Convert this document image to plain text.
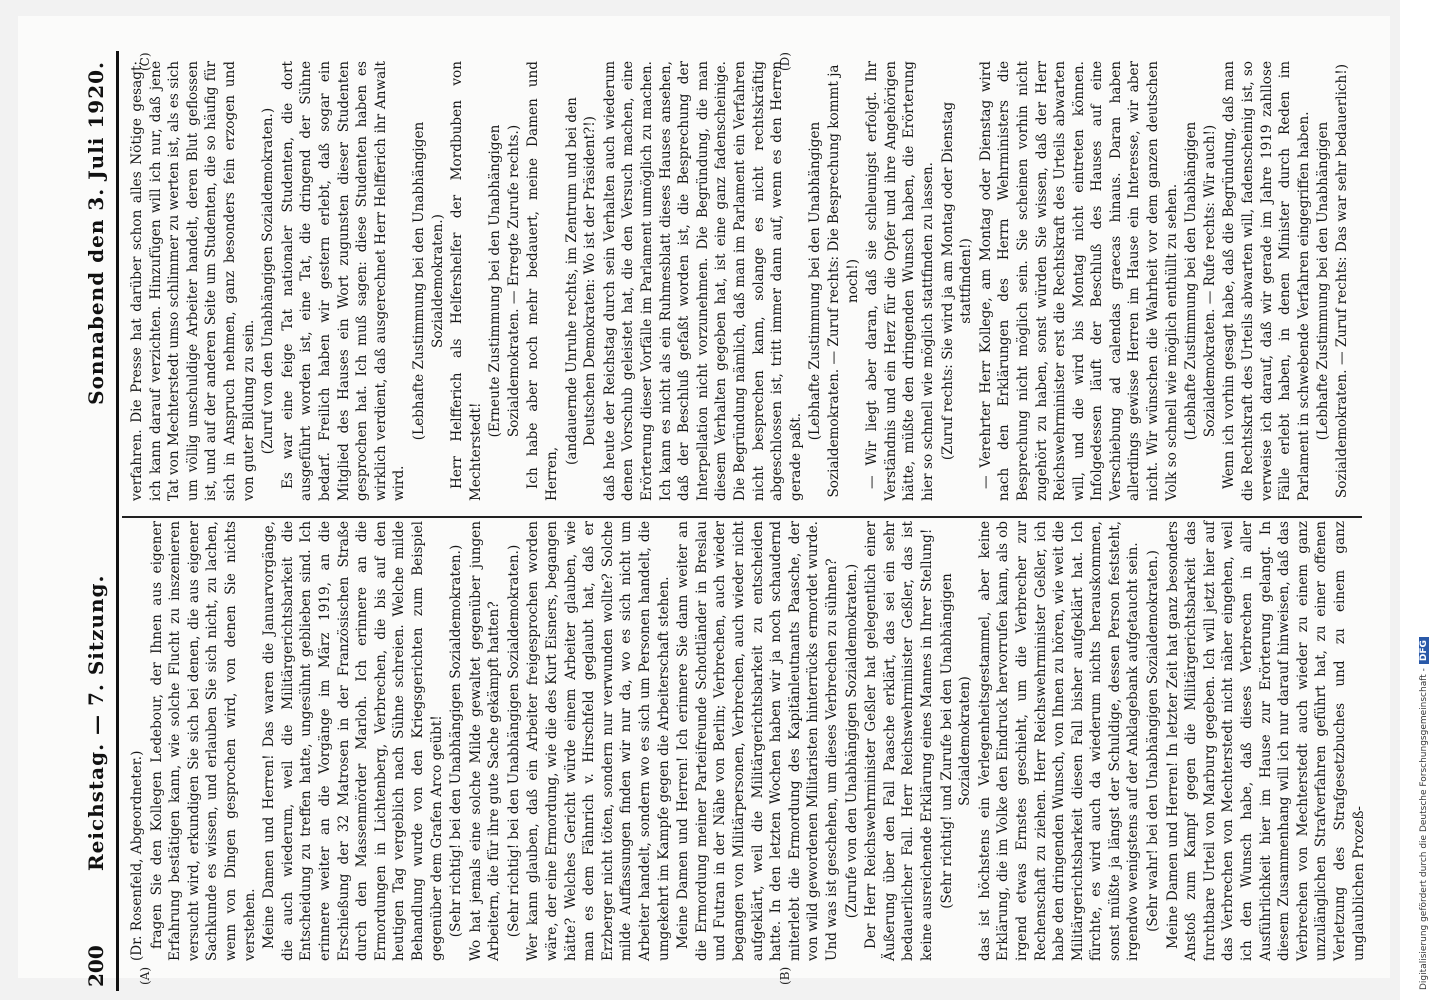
200
Reichstag. — 7. Sitzung.
Sonnabend den 3. Juli 1920.
(A)	(B)
(C)	(D)

(Dr. Rosenfeld, Abgeordneter.) fragen Sie den Kollegen Ledebour, der Ihnen aus eigener Erfahrung bestätigen kann, wie solche Flucht zu inszenieren versucht wird, erkundigen Sie sich bei denen, die aus eigener Sachkunde es wissen, und erlauben Sie sich nicht, zu lachen, wenn von Dingen gesprochen wird, von denen Sie nichts verstehen. Meine Damen und Herren! Das waren die Januarvorgänge, die auch wiederum, weil die Militärgerichtsbarkeit die Entscheidung zu treffen hatte, ungesühnt geblieben sind. Ich erinnere weiter an die Vorgänge im März 1919, an die Erschießung der 32 Matrosen in der Französischen Straße durch den Massenmörder Marloh. Ich erinnere an die Ermordungen in Lichtenberg, Verbrechen, die bis auf den heutigen Tag vergeblich nach Sühne schreien. Welche milde Behandlung wurde von den Kriegsgerichten zum Beispiel gegenüber dem Grafen Arco geübt! (Sehr richtig! bei den Unabhängigen Sozialdemokraten.) Wo hat jemals eine solche Milde gewaltet gegenüber jungen Arbeitern, die für ihre gute Sache gekämpft hatten? (Sehr richtig! bei den Unabhängigen Sozialdemokraten.) Wer kann glauben, daß ein Arbeiter freigesprochen worden wäre, der eine Ermordung, wie die des Kurt Eisners, begangen hätte? Welches Gericht würde einem Arbeiter glauben, wie man es dem Fähnrich v. Hirschfeld geglaubt hat, daß er Erzberger nicht töten, sondern nur verwunden wollte? Solche milde Auffassungen finden wir nur da, wo es sich nicht um Arbeiter handelt, sondern wo es sich um Personen handelt, die umgekehrt im Kampfe gegen die Arbeiterschaft stehen. Meine Damen und Herren! Ich erinnere Sie dann weiter an die Ermordung meiner Parteifreunde Schottländer in Breslau und Futran in der Nähe von Berlin; Verbrechen, auch wieder begangen von Militärpersonen, Verbrechen, auch wieder nicht aufgeklärt, weil die Militärgerichtsbarkeit zu entscheiden hatte. In den letzten Wochen haben wir ja noch schaudernd miterlebt die Ermordung des Kapitänleutnants Paasche, der von wild gewordenen Militaristen hinterrücks ermordet wurde. Und was ist geschehen, um dieses Verbrechen zu sühnen? (Zurufe von den Unabhängigen Sozialdemokraten.) Der Herr Reichswehrminister Geßler hat gelegentlich einer Äußerung über den Fall Paasche erklärt, das sei ein sehr bedauerlicher Fall. Herr Reichswehrminister Geßler, das ist keine ausreichende Erklärung eines Mannes in Ihrer Stellung! (Sehr richtig! und Zurufe bei den Unabhängigen Sozialdemokraten) das ist höchstens ein Verlegenheitsgestammel, aber keine Erklärung, die im Volke den Eindruck hervorrufen kann, als ob irgend etwas Ernstes geschieht, um die Verbrecher zur Rechenschaft zu ziehen. Herr Reichswehrminister Geßler, ich habe den dringenden Wunsch, von Ihnen zu hören, wie weit die Militärgerichtsbarkeit diesen Fall bisher aufgeklärt hat. Ich fürchte, es wird auch da wiederum nichts herauskommen, sonst müßte ja längst der Schuldige, dessen Person feststeht, irgendwo wenigstens auf der Anklagebank aufgetaucht sein. (Sehr wahr! bei den Unabhängigen Sozialdemokraten.) Meine Damen und Herren! In letzter Zeit hat ganz besonders Anstoß zum Kampf gegen die Militärgerichtsbarkeit das furchtbare Urteil von Marburg gegeben. Ich will jetzt hier auf das Verbrechen von Mechterstedt nicht näher eingehen, weil ich den Wunsch habe, daß dieses Verbrechen in aller Ausführlichkeit hier im Hause zur Erörterung gelangt. In diesem Zusammenhang will ich nur darauf hinweisen, daß das Verbrechen von Mechterstedt auch wieder zu einem ganz unzulänglichen Strafverfahren geführt hat, zu einer offenen Verletzung des Strafgesetzbuches und zu einem ganz unglaublichen Prozeß-

verfahren. Die Presse hat darüber schon alles Nötige gesagt; ich kann darauf verzichten. Hinzufügen will ich nur, daß jene Tat von Mechterstedt umso schlimmer zu werten ist, als es sich um völlig unschuldige Arbeiter handelt, deren Blut geflossen ist, und auf der anderen Seite um Studenten, die so häufig für sich in Anspruch nehmen, ganz besonders fein erzogen und von guter Bildung zu sein. (Zuruf von den Unabhängigen Sozialdemokraten.) Es war eine feige Tat nationaler Studenten, die dort ausgeführt worden ist, eine Tat, die dringend der Sühne bedarf. Freilich haben wir gestern erlebt, daß sogar ein Mitglied des Hauses ein Wort zugunsten dieser Studenten gesprochen hat. Ich muß sagen: diese Studenten haben es wirklich verdient, daß ausgerechnet Herr Helfferich ihr Anwalt wird.

(Lebhafte Zustimmung bei den Unabhängigen Sozialdemokraten.) Herr Helfferich als Helfershelfer der Mordbuben von Mechterstedt!

(Erneute Zustimmung bei den Unabhängigen Sozialdemokraten. — Erregte Zurufe rechts.) Ich habe aber noch mehr bedauert, meine Damen und Herren,

(andauernde Unruhe rechts, im Zentrum und bei den Deutschen Demokraten: Wo ist der Präsident?!) daß heute der Reichstag durch sein Verhalten auch wiederum denen Vorschub geleistet hat, die den Versuch machen, eine Erörterung dieser Vorfälle im Parlament unmöglich zu machen. Ich kann es nicht als ein Ruhmesblatt dieses Hauses ansehen, daß der Beschluß gefaßt worden ist, die Besprechung der Interpellation nicht vorzunehmen. Die Begründung, die man diesem Verhalten gegeben hat, ist eine ganz fadenscheinige. Die Begründung nämlich, daß man im Parlament ein Verfahren nicht besprechen kann, solange es nicht rechtskräftig abgeschlossen ist, tritt immer dann auf, wenn es den Herren gerade paßt.

(Lebhafte Zustimmung bei den Unabhängigen Sozialdemokraten. — Zuruf rechts: Die Besprechung kommt ja noch!) — Wir liegt aber daran, daß sie schleunigst erfolgt. Ihr Verständnis und ein Herz für die Opfer und ihre Angehörigen hätte, müßte den dringenden Wunsch haben, die Erörterung hier so schnell wie möglich stattfinden zu lassen. (Zuruf rechts: Sie wird ja am Montag oder Dienstag stattfinden!) — Verehrter Herr Kollege, am Montag oder Dienstag wird nach den Erklärungen des Herrn Wehrministers die Besprechung nicht möglich sein. Sie scheinen vorhin nicht zugehört zu haben, sonst würden Sie wissen, daß der Herr Reichswehrminister erst die Rechtskraft des Urteils abwarten will, und die wird bis Montag nicht eintreten können. Infolgedessen läuft der Beschluß des Hauses auf eine Verschiebung ad calendas graecas hinaus. Daran haben allerdings gewisse Herren im Hause ein Interesse, wir aber nicht. Wir wünschen die Wahrheit vor dem ganzen deutschen Volk so schnell wie möglich enthüllt zu sehen. (Lebhafte Zustimmung bei den Unabhängigen Sozialdemokraten. — Rufe rechts: Wir auch!) Wenn ich vorhin gesagt habe, daß die Begründung, daß man die Rechtskraft des Urteils abwarten will, fadenscheinig ist, so verweise ich darauf, daß wir gerade im Jahre 1919 zahllose Fälle erlebt haben, in denen Minister durch Reden im Parlament in schwebende Verfahren eingegriffen haben. (Lebhafte Zustimmung bei den Unabhängigen Sozialdemokraten. — Zuruf rechts: Das war sehr bedauerlich!)

Digitalisierung gefördert durch die Deutsche Forschungsgemeinschaft -DFG
